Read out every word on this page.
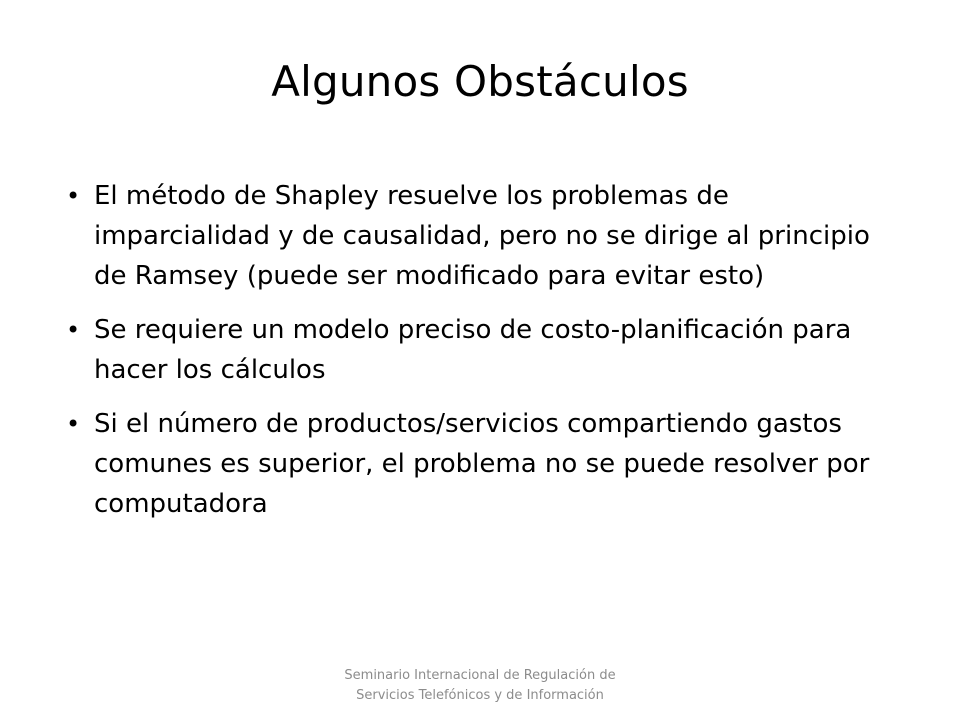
Algunos Obstáculos
• El método de Shapley resuelve los problemas de imparcialidad y de causalidad, pero no se dirige al principio de Ramsey (puede ser modificado para evitar esto)
• Se requiere un modelo preciso de costo-planificación para hacer los cálculos
• Si el número de productos/servicios compartiendo gastos comunes es superior, el problema no se puede resolver por computadora
Seminario Internacional de Regulación de
Servicios Telefónicos y de Información
